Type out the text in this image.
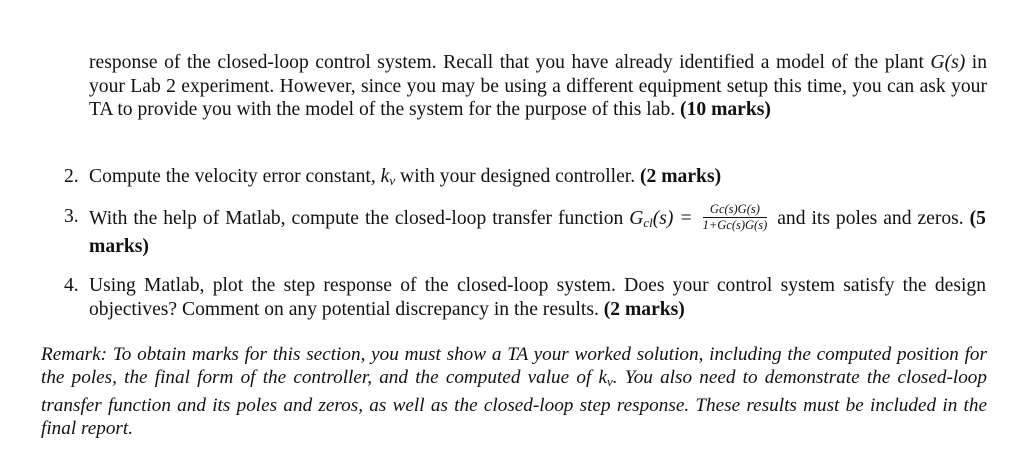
response of the closed-loop control system. Recall that you have already identified a model of the plant G(s) in your Lab 2 experiment. However, since you may be using a different equipment setup this time, you can ask your TA to provide you with the model of the system for the purpose of this lab. (10 marks)

2. Compute the velocity error constant, $k_v$ with your designed controller. (2 marks)
3. With the help of Matlab, compute the closed-loop transfer function $G_{cl}(s) = \frac{Gc(s)G(s)}{1+Gc(s)G(s)}$ and its poles and zeros. (5 marks)
4. Using Matlab, plot the step response of the closed-loop system. Does your control system satisfy the design objectives? Comment on any potential discrepancy in the results. (2 marks)

Remark: To obtain marks for this section, you must show a TA your worked solution, including the computed position for the poles, the final form of the controller, and the computed value of $k_v$. You also need to demonstrate the closed-loop transfer function and its poles and zeros, as well as the closed-loop step response. These results must be included in the final report.
